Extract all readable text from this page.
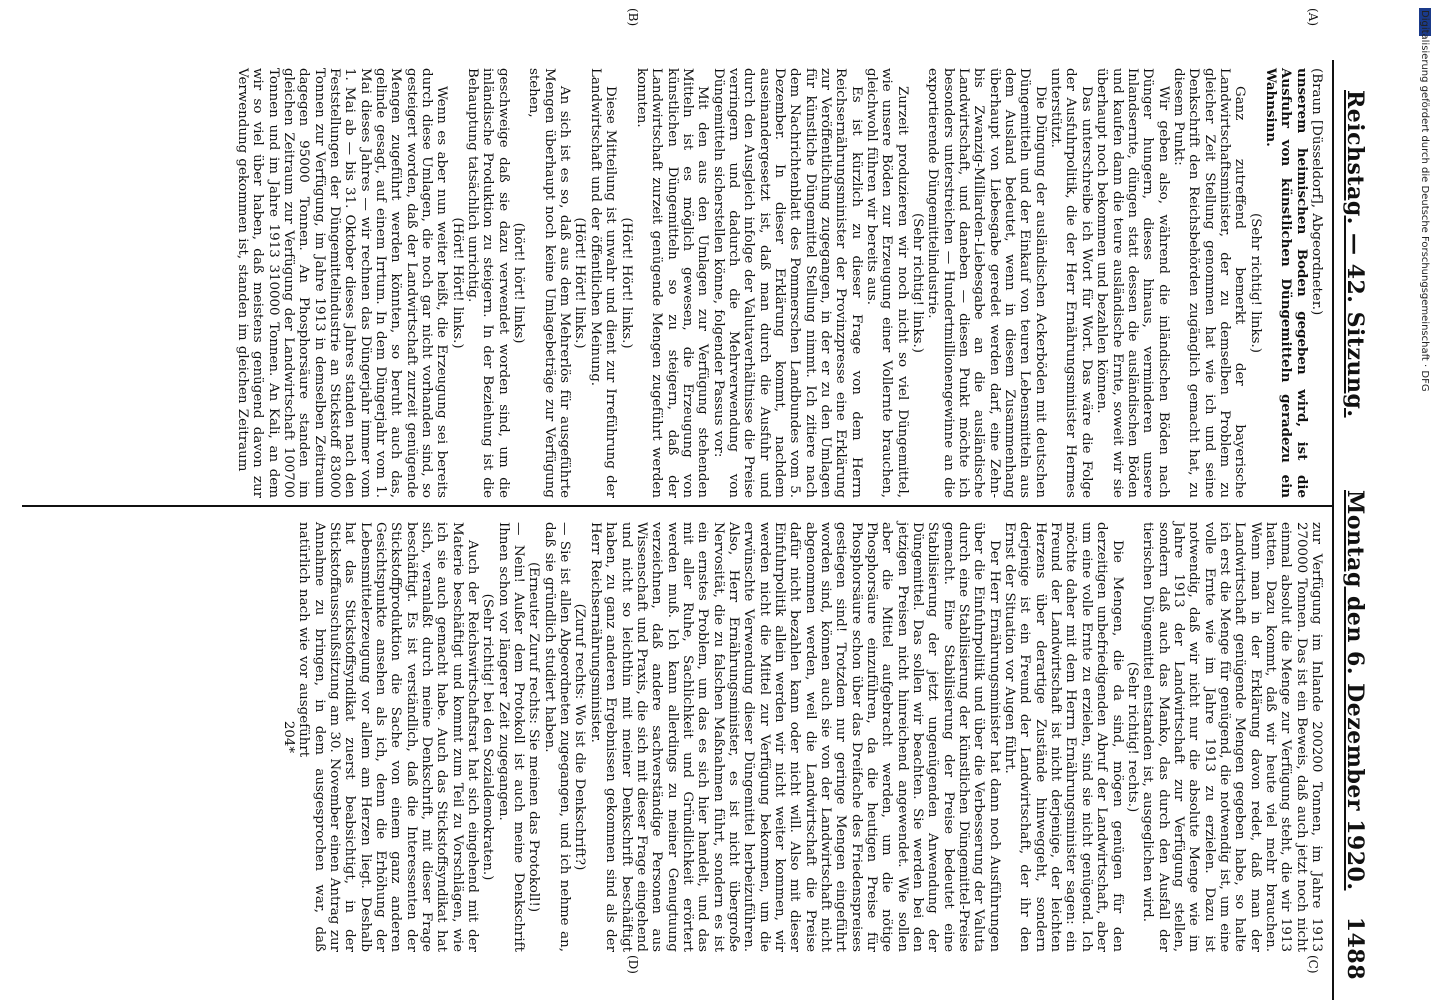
Reichstag. — 42. Sitzung.
Montag den 6. Dezember 1920.
1488
(A)
(B)
(C)
(D)

(Braun [Düsseldorf], Abgeordneter.)

unserem heimischen Boden gegeben wird, ist die Ausfuhr von künstlichen Düngemitteln geradezu ein Wahnsinn.

(Sehr richtig! links.)

Ganz zutreffend bemerkt der bayerische Landwirtschaftsminister, der zu demselben Problem zu gleicher Zeit Stellung genommen hat wie ich und seine Denkschrift den Reichsbehörden zugänglich gemacht hat, zu diesem Punkt:

Wir geben also, während die inländischen Böden nach Dünger hungern, dieses hinaus, verminderen unsere Inlandsernte, düngen statt dessen die ausländischen Böden und kaufen dann die teure ausländische Ernte, soweit wir sie überhaupt noch bekommen und bezahlen können.

Das unterschreibe ich Wort für Wort. Das wäre die Folge der Ausfuhrpolitik, die der Herr Ernährungsminister Hermes unterstützt.

Die Düngung der ausländischen Ackerböden mit deutschen Düngemitteln und der Einkauf von teuren Lebensmitteln aus dem Ausland bedeutet, wenn in diesem Zusammenhang überhaupt von Liebesgabe geredet werden darf, eine Zehn- bis Zwanzig-Milliarden-Liebesgabe an die ausländische Landwirtschaft, und daneben — diesen Punkt möchte ich besonders unterstreichen — Hundertmillionengewinne an die exportierende Düngemittelindustrie.

(Sehr richtig! links.)

Zurzeit produzieren wir noch nicht so viel Düngemittel, wie unsere Böden zur Erzeugung einer Vollernte brauchen, gleichwohl führen wir bereits aus.

Es ist kürzlich zu dieser Frage von dem Herrn Reichsernährungsminister der Provinzpresse eine Erklärung zur Veröffentlichung zugegangen, in der er zu den Umlagen für künstliche Düngemittel Stellung nimmt. Ich zitiere nach dem Nachrichtenblatt des Pommerschen Landbundes vom 5. Dezember. In dieser Erklärung kommt, nachdem auseinandergesetzt ist, daß man durch die Ausfuhr und durch den Ausgleich infolge der Valutaverhältnisse die Preise verringern und dadurch die Mehrverwendung von Düngemitteln sicherstellen könne, folgender Passus vor:

Mit den aus den Umlagen zur Verfügung stehenden Mitteln ist es möglich gewesen, die Erzeugung von künstlichen Düngemitteln so zu steigern, daß der Landwirtschaft zurzeit genügende Mengen zugeführt werden konnten.

(Hört! Hört! links.)

Diese Mitteilung ist unwahr und dient zur Irreführung der Landwirtschaft und der öffentlichen Meinung.

(Hört! Hört! links.)

An sich ist es so, daß aus dem Mehrerlös für ausgeführte Mengen überhaupt noch keine Umlagebeträge zur Verfügung stehen,

(hört! hört! links)

geschweige daß sie dazu verwendet worden sind, um die inländische Produktion zu steigern. In der Beziehung ist die Behauptung tatsächlich unrichtig.

(Hört! Hört! links.)

Wenn es aber nun weiter heißt, die Erzeugung sei bereits durch diese Umlagen, die noch gar nicht vorhanden sind, so gesteigert worden, daß der Landwirtschaft zurzeit genügende Mengen zugeführt werden könnten, so beruht auch das, gelinde gesagt, auf einem Irrtum. In dem Düngerjahr vom 1. Mai dieses Jahres — wir rechnen das Düngerjahr immer vom 1. Mai ab — bis 31. Oktober dieses Jahres standen nach den Feststellungen der Düngemittelindustrie an Stickstoff 83000 Tonnen zur Verfügung, im Jahre 1913 in demselben Zeitraum dagegen 95000 Tonnen. An Phosphorsäure standen im gleichen Zeitraum zur Verfügung der Landwirtschaft 100700 Tonnen und im Jahre 1913 310000 Tonnen. An Kali, an dem wir so viel über haben, daß meistens genügend davon zur Verwendung gekommen ist, standen im gleichen Zeitraum

zur Verfügung im Inlande 200200 Tonnen, im Jahre 1913 270000 Tonnen. Das ist ein Beweis, daß auch jetzt noch nicht einmal absolut die Menge zur Verfügung steht, die wir 1913 hatten. Dazu kommt, daß wir heute viel mehr brauchen. Wenn man in der Erklärung davon redet, daß man der Landwirtschaft genügende Mengen gegeben habe, so halte ich erst die Menge für genügend, die notwendig ist, um eine volle Ernte wie im Jahre 1913 zu erzielen. Dazu ist notwendig, daß wir nicht nur die absolute Menge wie im Jahre 1913 der Landwirtschaft zur Verfügung stellen, sondern daß auch das Manko, das durch den Ausfall der tierischen Düngemittel entstanden ist, ausgeglichen wird.

(Sehr richtig! rechts.)

Die Mengen, die da sind, mögen genügen für den derzeitigen unbefriedigenden Abruf der Landwirtschaft, aber um eine volle Ernte zu erzielen, sind sie nicht genügend. Ich möchte daher mit dem Herrn Ernährungsminister sagen: ein Freund der Landwirtschaft ist nicht derjenige, der leichten Herzens über derartige Zustände hinweggeht, sondern derjenige ist ein Freund der Landwirtschaft, der ihr den Ernst der Situation vor Augen führt.

Der Herr Ernährungsminister hat dann noch Ausführungen über die Einfuhrpolitik und über die Verbesserung der Valuta durch eine Stabilisierung der künstlichen Düngemittel-Preise gemacht. Eine Stabilisierung der Preise bedeutet eine Stabilisierung der jetzt ungenügenden Anwendung der Düngemittel. Das sollen wir beachten. Sie werden bei den jetzigen Preisen nicht hinreichend angewendet. Wie sollen aber die Mittel aufgebracht werden, um die nötige Phosphorsäure einzuführen, da die heutigen Preise für Phosphorsäure schon über das Dreifache des Friedenspreises gestiegen sind! Trotzdem nur geringe Mengen eingeführt worden sind, können auch sie von der Landwirtschaft nicht abgenommen werden, weil die Landwirtschaft die Preise dafür nicht bezahlen kann oder nicht will. Also mit dieser Einfuhrpolitik allein werden wir nicht weiter kommen, wir werden nicht die Mittel zur Verfügung bekommen, um die erwünschte Verwendung dieser Düngemittel herbeizuführen. Also, Herr Ernährungsminister, es ist nicht übergroße Nervosität, die zu falschen Maßnahmen führt, sondern es ist ein ernstes Problem, um das es sich hier handelt, und das mit aller Ruhe, Sachlichkeit und Gründlichkeit erörtert werden muß. Ich kann allerdings zu meiner Genugtuung verzeichnen, daß andere sachverständige Personen aus Wissenschaft und Praxis, die sich mit dieser Frage eingehend und nicht so leichthin mit meiner Denkschrift beschäftigt haben, zu ganz anderen Ergebnissen gekommen sind als der Herr Reichsernährungsminister.

(Zuruf rechts: Wo ist die Denkschrift?)

— Sie ist allen Abgeordneten zugegangen, und ich nehme an, daß sie gründlich studiert haben.

(Erneuter Zuruf rechts: Sie meinen das Protokoll!)

— Nein! Außer dem Protokoll ist auch meine Denkschrift Ihnen schon vor längerer Zeit zugegangen.

(Sehr richtig! bei den Sozialdemokraten.)

Auch der Reichswirtschaftsrat hat sich eingehend mit der Materie beschäftigt und kommt zum Teil zu Vorschlägen, wie ich sie auch gemacht habe. Auch das Stickstoffsyndikat hat sich, veranlaßt durch meine Denkschrift, mit dieser Frage beschäftigt. Es ist verständlich, daß die Interessenten der Stickstoffproduktion die Sache von einem ganz anderen Gesichtspunkte ansehen als ich, denn die Erhöhung der Lebensmittelerzeugung vor allem am Herzen liegt. Deshalb hat das Stickstoffsyndikat zuerst beabsichtigt, in der Stickstoffausschußsitzung am 30. November einen Antrag zur Annahme zu bringen, in dem ausgesprochen war, daß natürlich nach wie vor ausgeführt

204*

Digitalisierung gefördert durch die Deutsche Forschungsgemeinschaft · DFG
